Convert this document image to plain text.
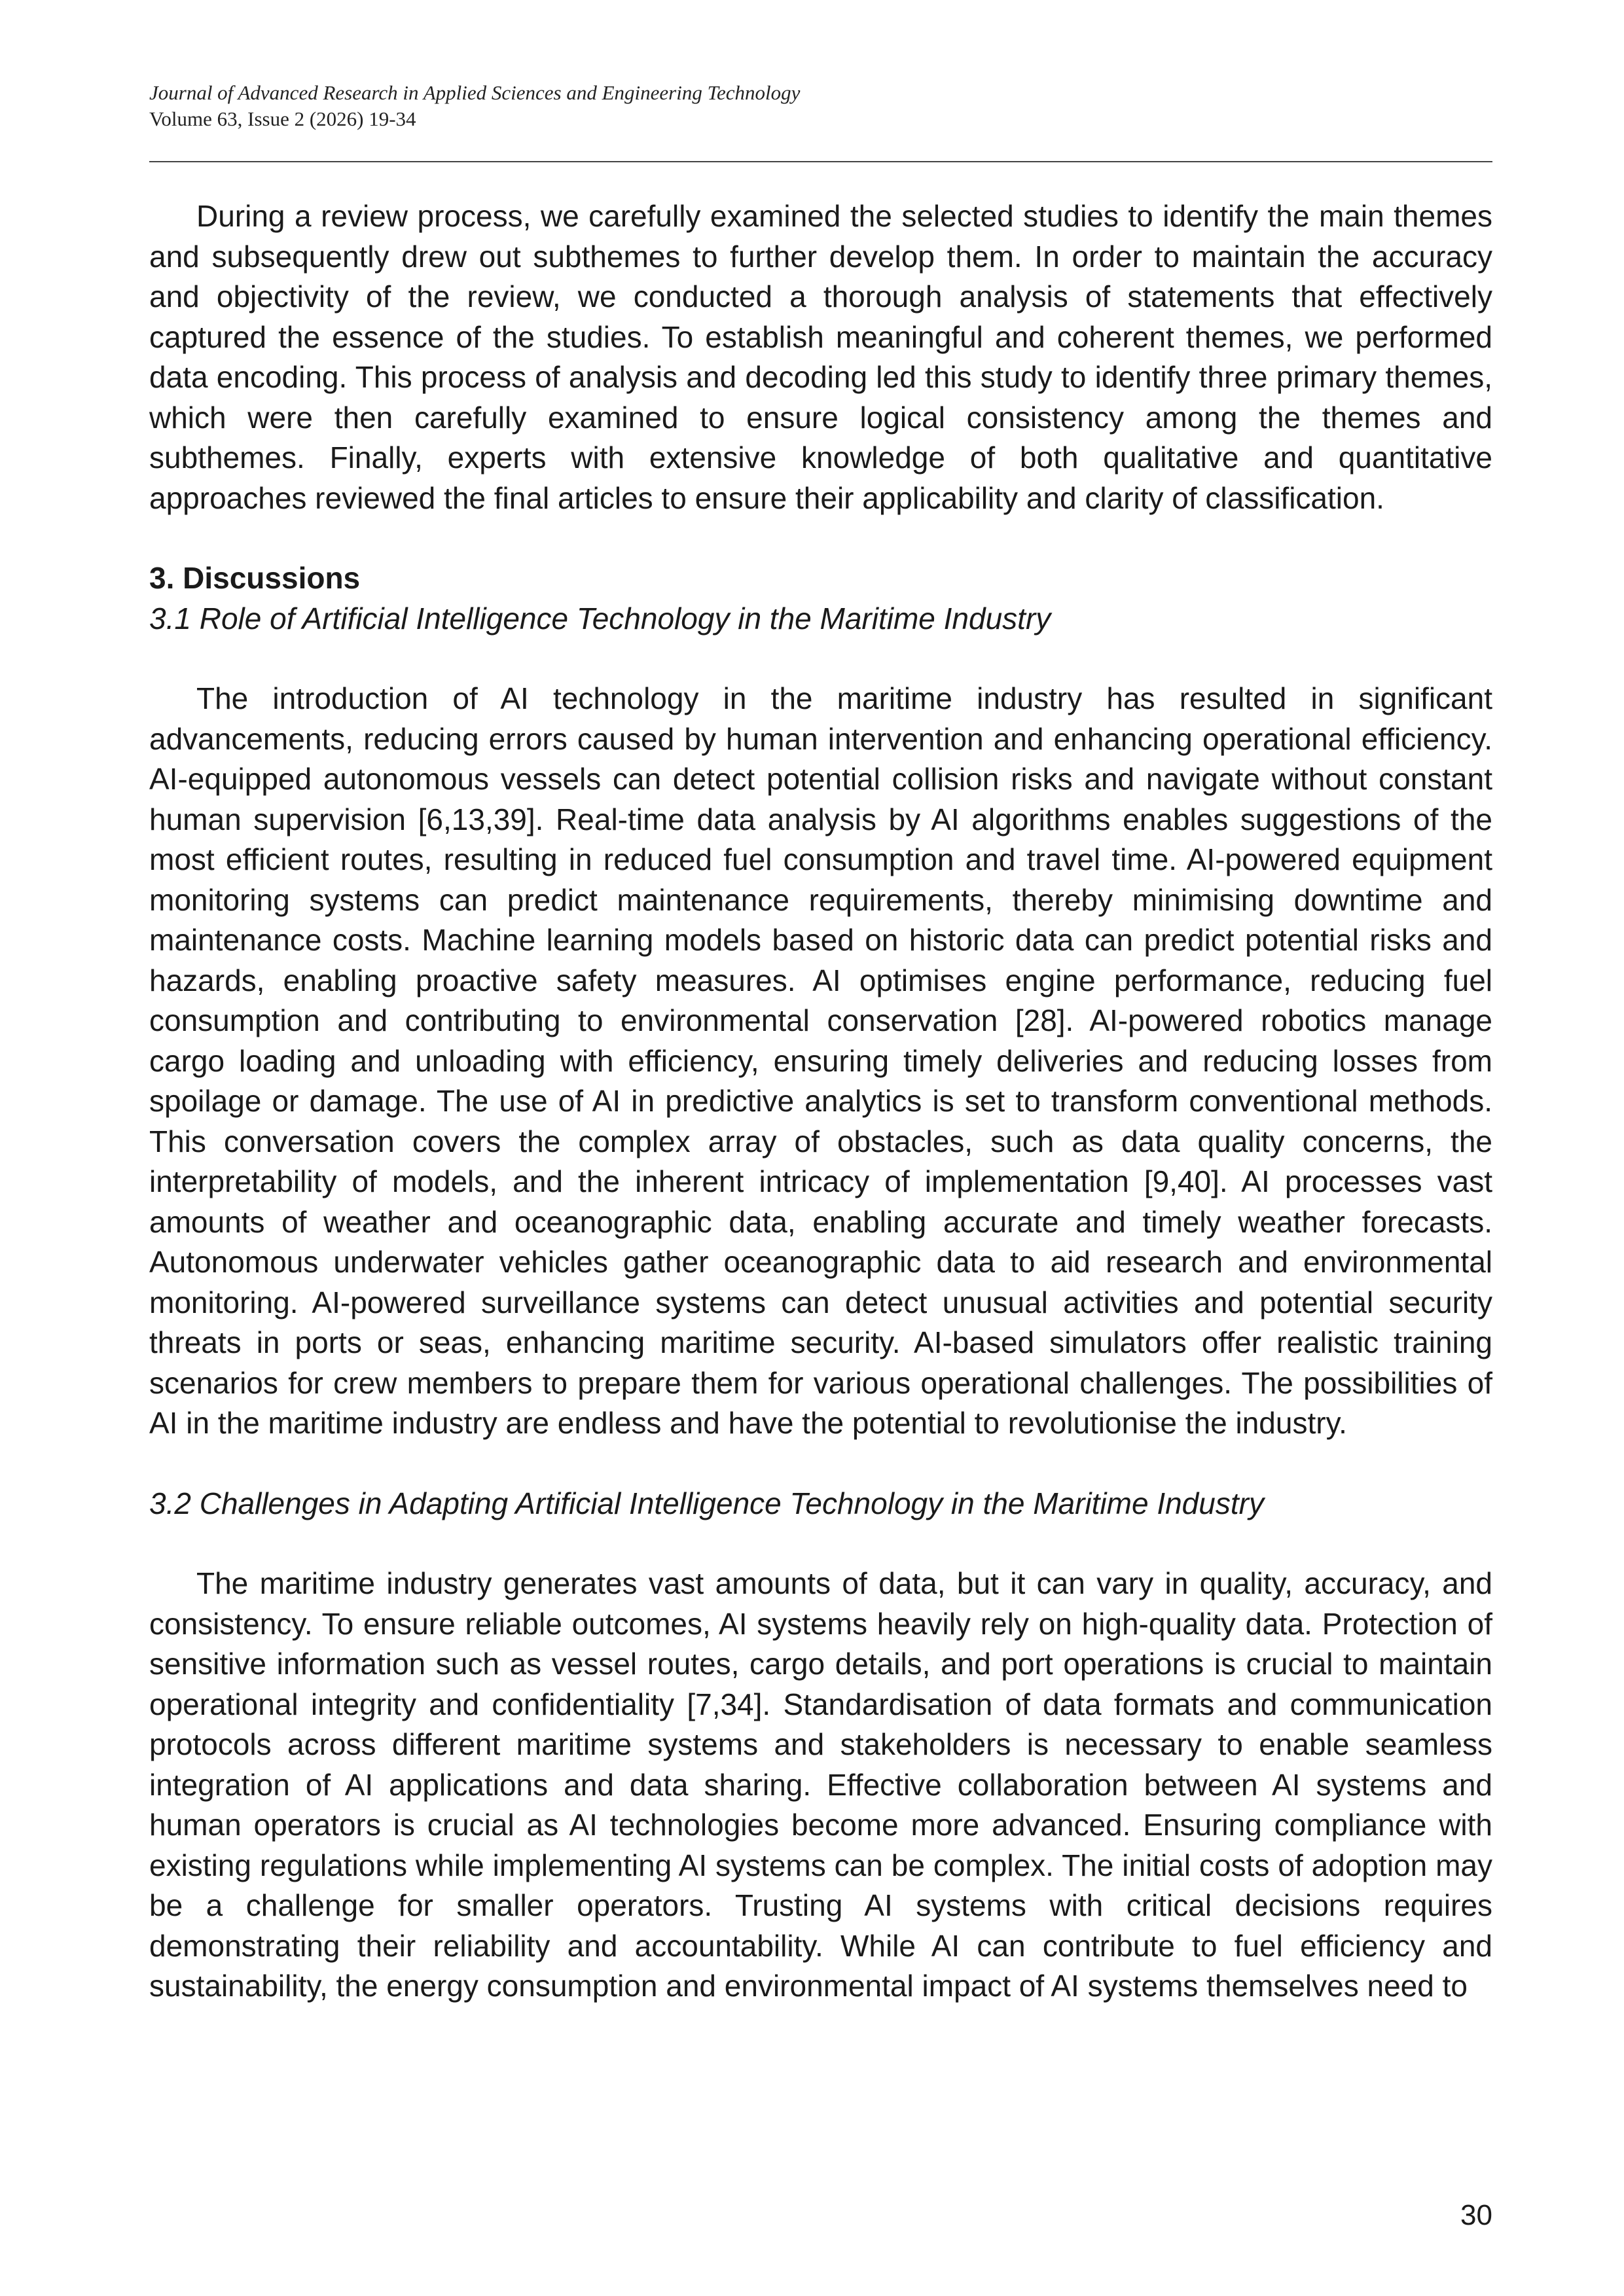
Journal of Advanced Research in Applied Sciences and Engineering Technology
Volume 63, Issue 2 (2026) 19-34

During a review process, we carefully examined the selected studies to identify the main themes and subsequently drew out subthemes to further develop them. In order to maintain the accuracy and objectivity of the review, we conducted a thorough analysis of statements that effectively captured the essence of the studies. To establish meaningful and coherent themes, we performed data encoding. This process of analysis and decoding led this study to identify three primary themes, which were then carefully examined to ensure logical consistency among the themes and subthemes. Finally, experts with extensive knowledge of both qualitative and quantitative approaches reviewed the final articles to ensure their applicability and clarity of classification.

3. Discussions
3.1 Role of Artificial Intelligence Technology in the Maritime Industry

The introduction of AI technology in the maritime industry has resulted in significant advancements, reducing errors caused by human intervention and enhancing operational efficiency. AI-equipped autonomous vessels can detect potential collision risks and navigate without constant human supervision [6,13,39]. Real-time data analysis by AI algorithms enables suggestions of the most efficient routes, resulting in reduced fuel consumption and travel time. AI-powered equipment monitoring systems can predict maintenance requirements, thereby minimising downtime and maintenance costs. Machine learning models based on historic data can predict potential risks and hazards, enabling proactive safety measures. AI optimises engine performance, reducing fuel consumption and contributing to environmental conservation [28]. AI-powered robotics manage cargo loading and unloading with efficiency, ensuring timely deliveries and reducing losses from spoilage or damage. The use of AI in predictive analytics is set to transform conventional methods. This conversation covers the complex array of obstacles, such as data quality concerns, the interpretability of models, and the inherent intricacy of implementation [9,40]. AI processes vast amounts of weather and oceanographic data, enabling accurate and timely weather forecasts. Autonomous underwater vehicles gather oceanographic data to aid research and environmental monitoring. AI-powered surveillance systems can detect unusual activities and potential security threats in ports or seas, enhancing maritime security. AI-based simulators offer realistic training scenarios for crew members to prepare them for various operational challenges. The possibilities of AI in the maritime industry are endless and have the potential to revolutionise the industry.

3.2 Challenges in Adapting Artificial Intelligence Technology in the Maritime Industry

The maritime industry generates vast amounts of data, but it can vary in quality, accuracy, and consistency. To ensure reliable outcomes, AI systems heavily rely on high-quality data. Protection of sensitive information such as vessel routes, cargo details, and port operations is crucial to maintain operational integrity and confidentiality [7,34]. Standardisation of data formats and communication protocols across different maritime systems and stakeholders is necessary to enable seamless integration of AI applications and data sharing. Effective collaboration between AI systems and human operators is crucial as AI technologies become more advanced. Ensuring compliance with existing regulations while implementing AI systems can be complex. The initial costs of adoption may be a challenge for smaller operators. Trusting AI systems with critical decisions requires demonstrating their reliability and accountability. While AI can contribute to fuel efficiency and sustainability, the energy consumption and environmental impact of AI systems themselves need to

30
